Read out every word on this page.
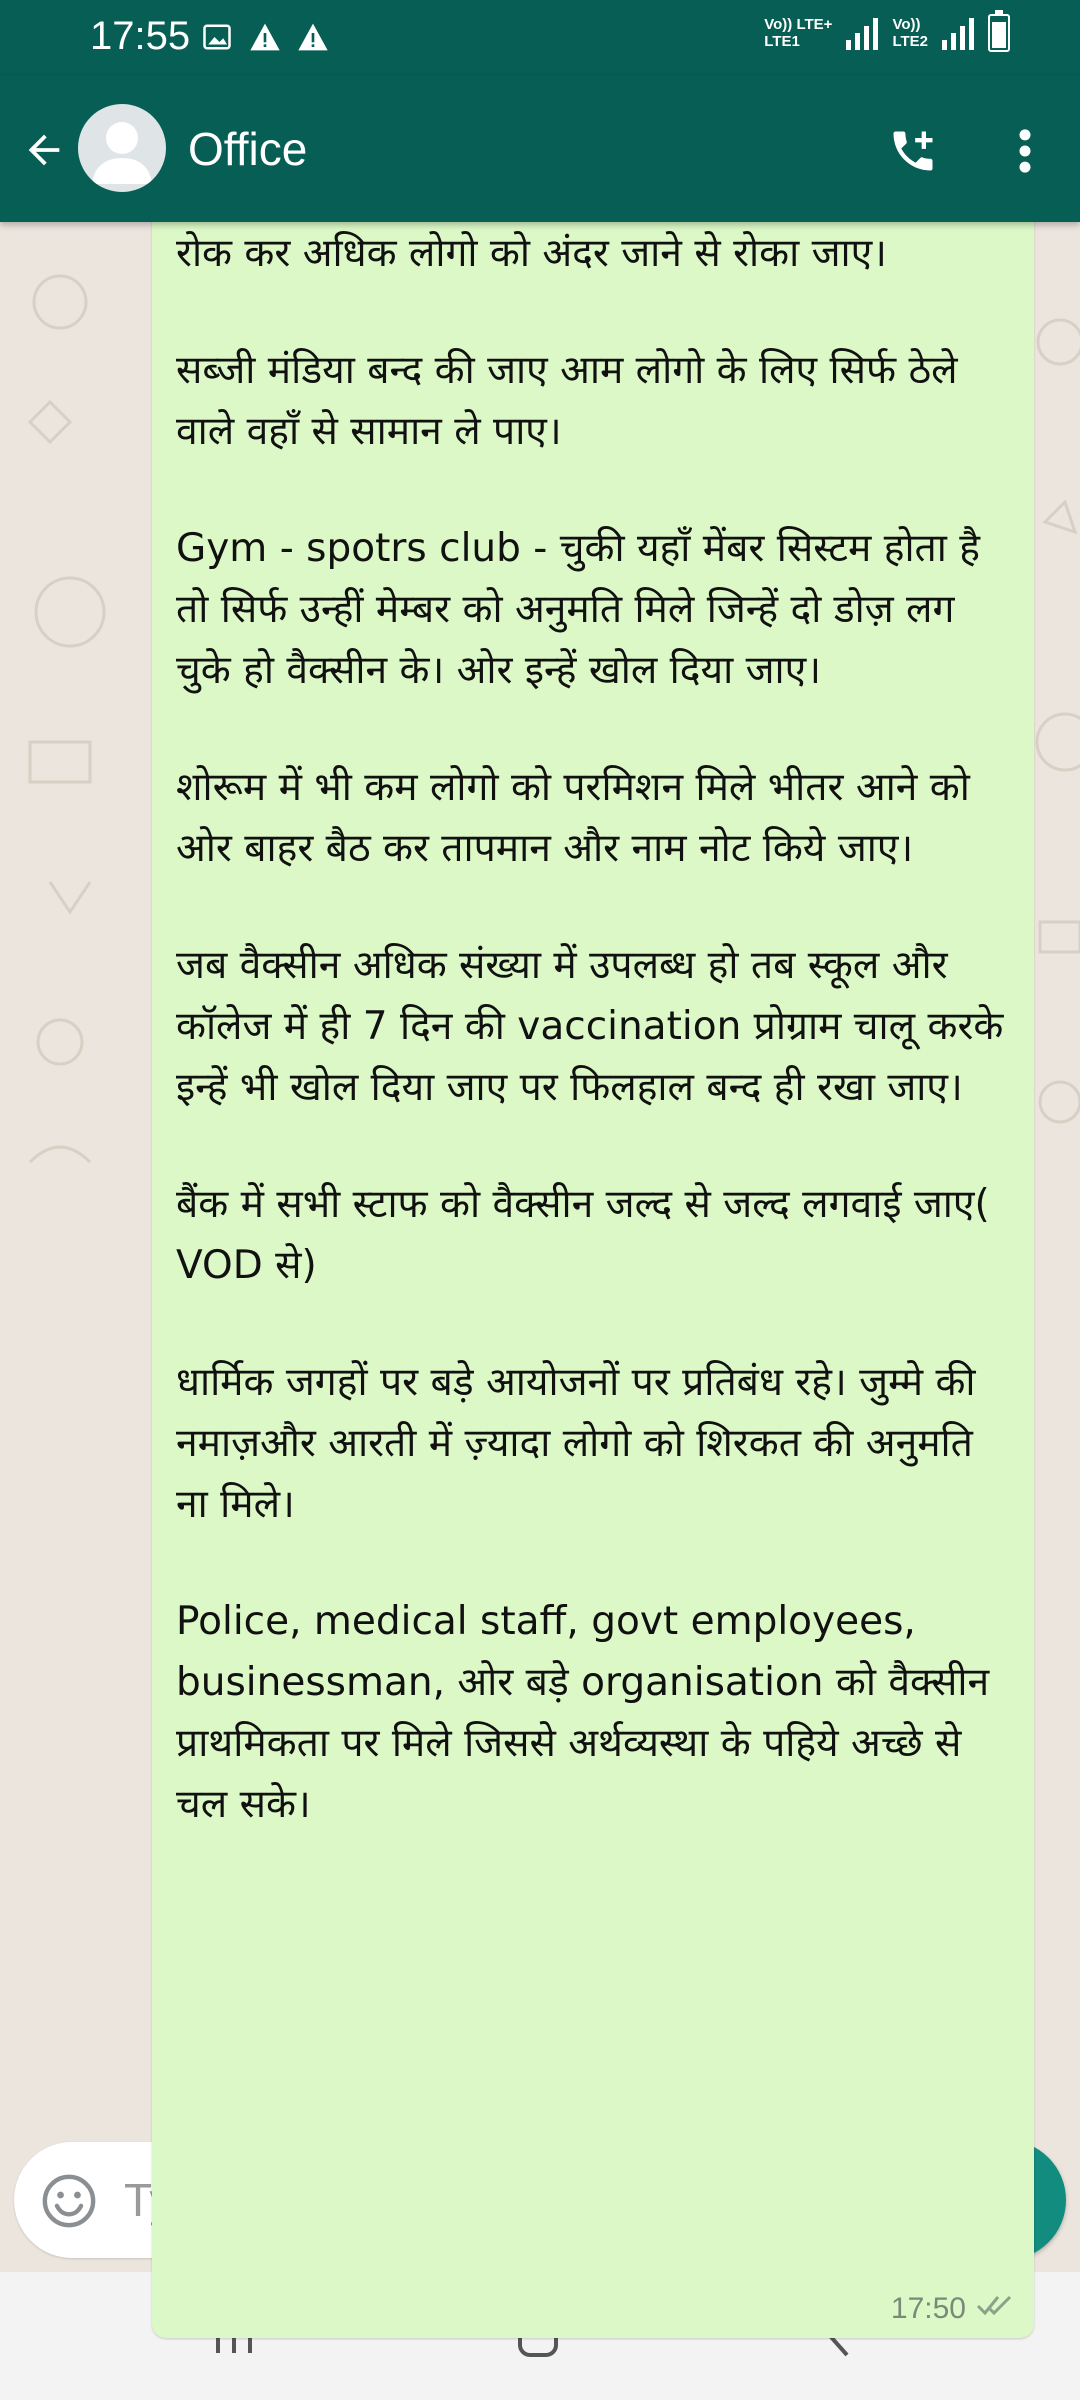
17:55	Vo)) LTE+
LTE1
Vo))
LTE2
Office

रोक कर अधिक लोगो को अंदर जाने से रोका जाए।

सब्जी मंडिया बन्द की जाए आम लोगो के लिए सिर्फ ठेले वाले वहाँ से सामान ले पाए।

Gym - spotrs club - चुकी यहाँ मेंबर सिस्टम होता है तो सिर्फ उन्हीं मेम्बर को अनुमति मिले जिन्हें दो डोज़ लग चुके हो वैक्सीन के। ओर इन्हें खोल दिया जाए।

शोरूम में भी कम लोगो को परमिशन मिले भीतर आने को ओर बाहर बैठ कर तापमान और नाम नोट किये जाए।

जब वैक्सीन अधिक संख्या में उपलब्ध हो तब स्कूल और कॉलेज में ही 7 दिन की vaccination प्रोग्राम चालू करके इन्हें भी खोल दिया जाए पर फिलहाल बन्द ही रखा जाए।

बैंक में सभी स्टाफ को वैक्सीन जल्द से जल्द लगवाई जाए( VOD से)

धार्मिक जगहों पर बड़े आयोजनों पर प्रतिबंध रहे। जुम्मे की नमाज़और आरती में ज़्यादा लोगो को शिरकत की अनुमति ना मिले।

Police, medical staff, govt employees, businessman, ओर बड़े organisation को वैक्सीन प्राथमिकता पर मिले जिससे अर्थव्यस्था के पहिये अच्छे से चल सके।

17:50
Type a message
